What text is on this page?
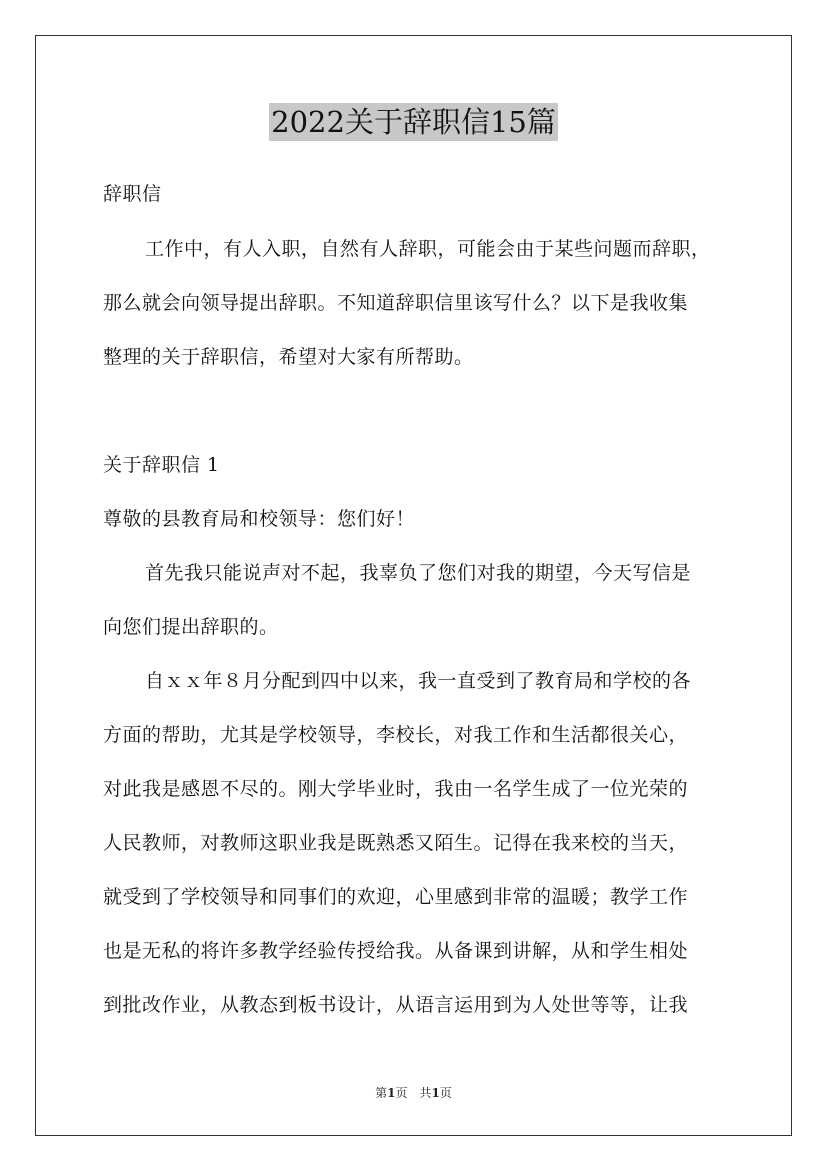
2022关于辞职信15篇
辞职信
工作中，有人入职，自然有人辞职，可能会由于某些问题而辞职，
那么就会向领导提出辞职。不知道辞职信里该写什么？以下是我收集
整理的关于辞职信，希望对大家有所帮助。
关于辞职信 1
尊敬的县教育局和校领导：您们好！
首先我只能说声对不起，我辜负了您们对我的期望，今天写信是
向您们提出辞职的。
自ｘｘ年８月分配到四中以来，我一直受到了教育局和学校的各
方面的帮助，尤其是学校领导，李校长，对我工作和生活都很关心，
对此我是感恩不尽的。刚大学毕业时，我由一名学生成了一位光荣的
人民教师，对教师这职业我是既熟悉又陌生。记得在我来校的当天，
就受到了学校领导和同事们的欢迎，心里感到非常的温暖；教学工作
也是无私的将许多教学经验传授给我。从备课到讲解，从和学生相处
到批改作业，从教态到板书设计，从语言运用到为人处世等等，让我
第1页　共1页
